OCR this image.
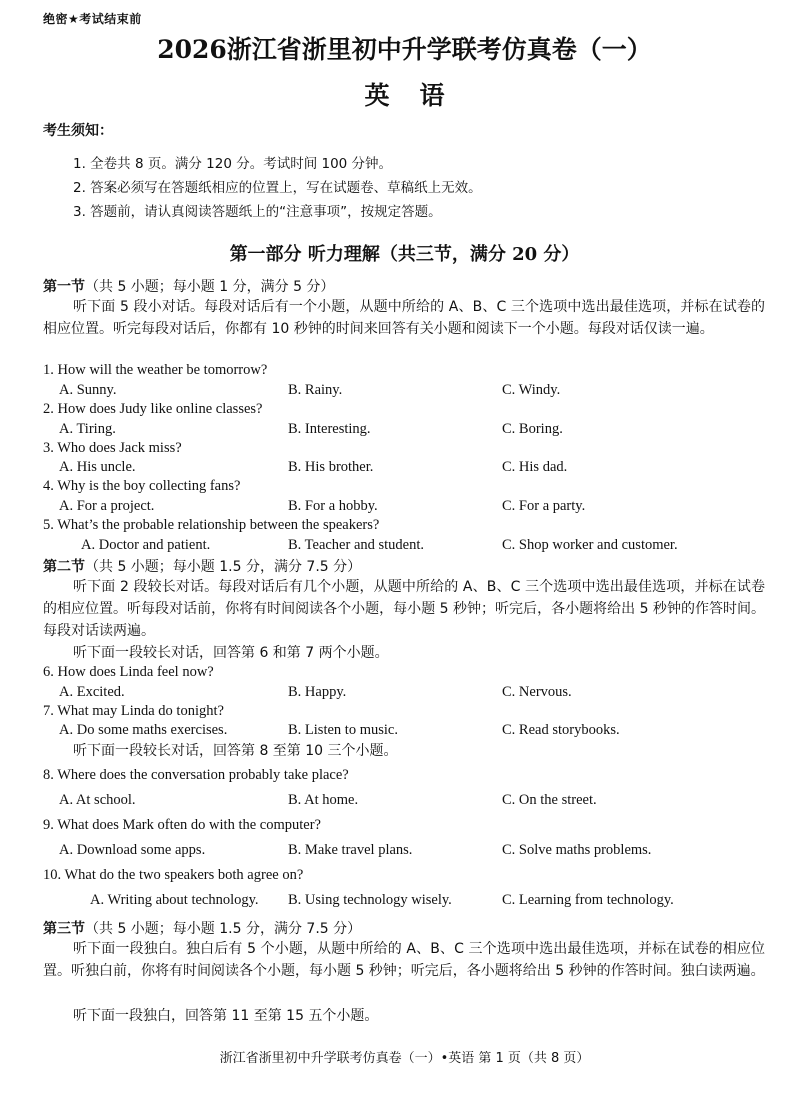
绝密★考试结束前
2026浙江省浙里初中升学联考仿真卷（一）
英语
考生须知：
1. 全卷共 8 页。满分 120 分。考试时间 100 分钟。
2. 答案必须写在答题纸相应的位置上，写在试题卷、草稿纸上无效。
3. 答题前，请认真阅读答题纸上的“注意事项”，按规定答题。
第一部分 听力理解（共三节，满分 20 分）
第一节（共 5 小题；每小题 1 分，满分 5 分）
听下面 5 段小对话。每段对话后有一个小题，从题中所给的 A、B、C 三个选项中选出最佳选项，并标在试卷的相应位置。听完每段对话后，你都有 10 秒钟的时间来回答有关小题和阅读下一个小题。每段对话仅读一遍。
1. How will the weather be tomorrow?
A. Sunny.	B. Rainy.	C. Windy.
2. How does Judy like online classes?
A. Tiring.	B. Interesting.	C. Boring.
3. Who does Jack miss?
A. His uncle.	B. His brother.	C. His dad.
4. Why is the boy collecting fans?
A. For a project.	B. For a hobby.	C. For a party.
5. What’s the probable relationship between the speakers?
A. Doctor and patient.	B. Teacher and student.	C. Shop worker and customer.
第二节（共 5 小题；每小题 1.5 分，满分 7.5 分）
听下面 2 段较长对话。每段对话后有几个小题，从题中所给的 A、B、C 三个选项中选出最佳选项，并标在试卷的相应位置。听每段对话前，你将有时间阅读各个小题，每小题 5 秒钟；听完后，各小题将给出 5 秒钟的作答时间。每段对话读两遍。
听下面一段较长对话，回答第 6 和第 7 两个小题。
6. How does Linda feel now?
A. Excited.	B. Happy.	C. Nervous.
7. What may Linda do tonight?
A. Do some maths exercises.	B. Listen to music.	C. Read storybooks.
听下面一段较长对话，回答第 8 至第 10 三个小题。
8. Where does the conversation probably take place?
A. At school.	B. At home.	C. On the street.
9. What does Mark often do with the computer?
A. Download some apps.	B. Make travel plans.	C. Solve maths problems.
10. What do the two speakers both agree on?
A. Writing about technology. B. Using technology wisely.	C. Learning from technology.
第三节（共 5 小题；每小题 1.5 分，满分 7.5 分）
听下面一段独白。独白后有 5 个小题，从题中所给的 A、B、C 三个选项中选出最佳选项，并标在试卷的相应位置。听独白前，你将有时间阅读各个小题，每小题 5 秒钟；听完后，各小题将给出 5 秒钟的作答时间。独白读两遍。
听下面一段独白，回答第 11 至第 15 五个小题。
浙江省浙里初中升学联考仿真卷（一）•英语 第 1 页（共 8 页）
